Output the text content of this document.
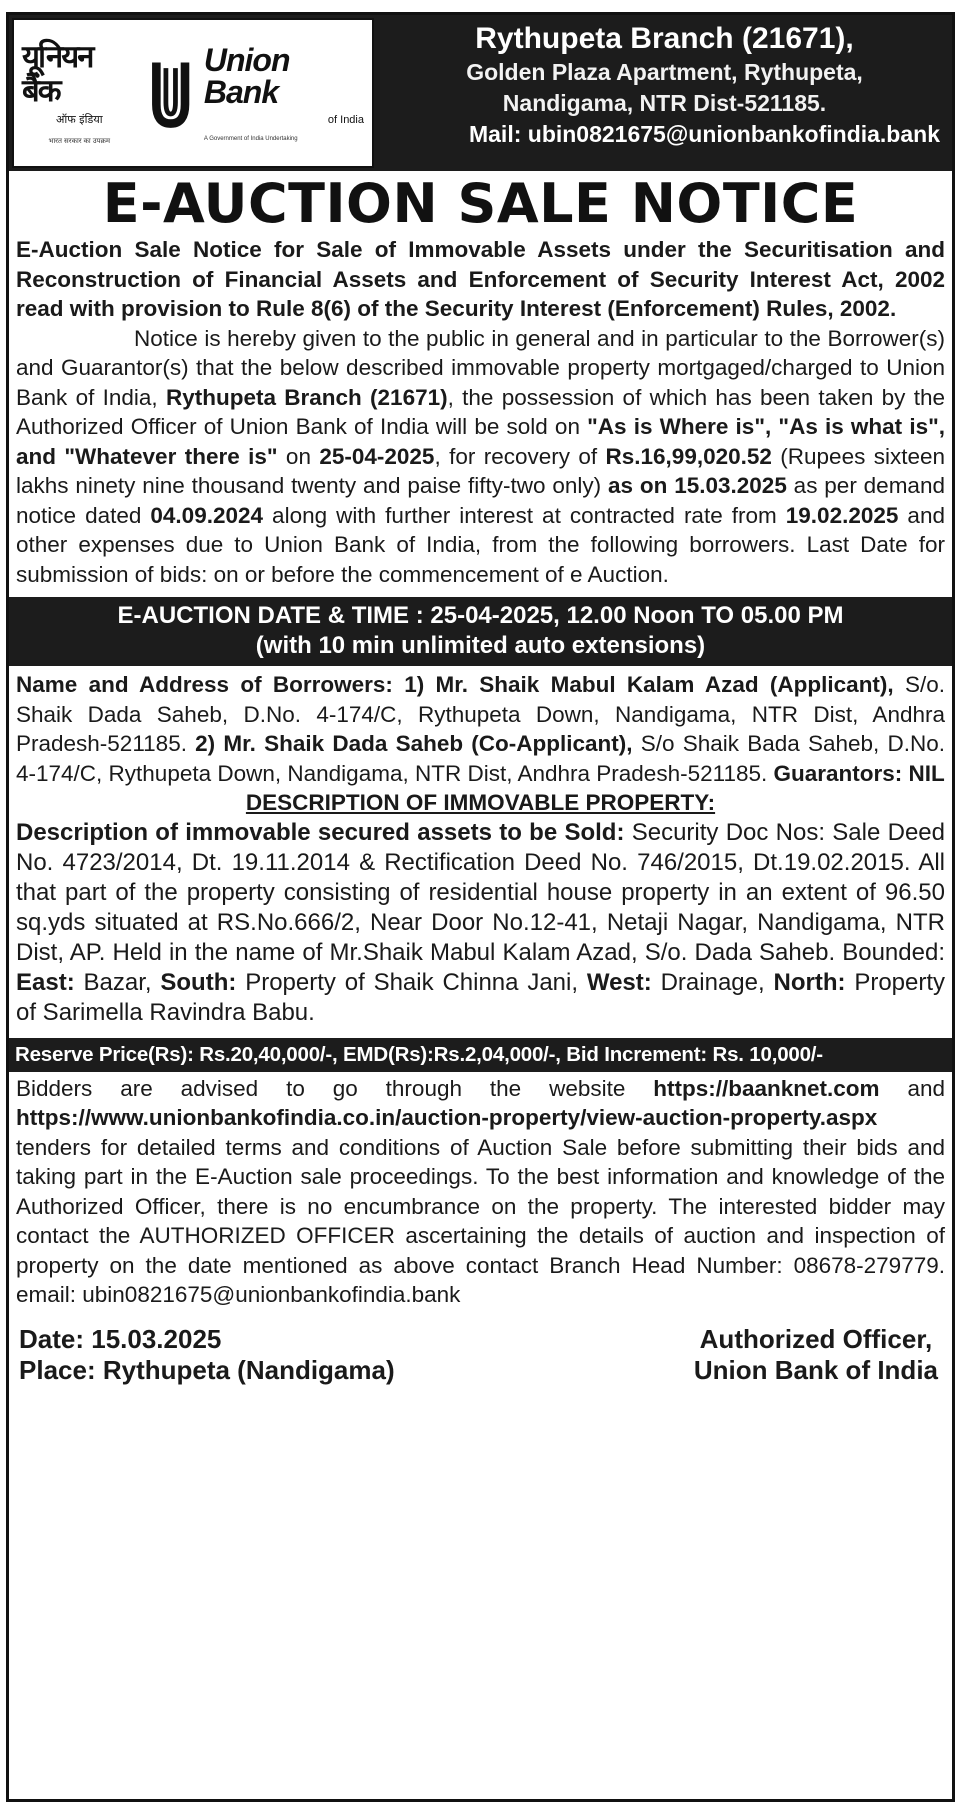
यूनियन बैंक
ऑफ इंडिया
भारत सरकार का उपक्रम
Union Bank
of India
A Government of India Undertaking
Rythupeta Branch (21671),
Golden Plaza Apartment, Rythupeta,
Nandigama, NTR Dist-521185.
Mail: ubin0821675@unionbankofindia.bank
E-AUCTION SALE NOTICE
E-Auction Sale Notice for Sale of Immovable Assets under the Securitisation and Reconstruction of Financial Assets and Enforcement of Security Interest Act, 2002 read with provision to Rule 8(6) of the Security Interest (Enforcement) Rules, 2002.
Notice is hereby given to the public in general and in particular to the Borrower(s) and Guarantor(s) that the below described immovable property mortgaged/charged to Union Bank of India, Rythupeta Branch (21671), the possession of which has been taken by the Authorized Officer of Union Bank of India will be sold on "As is Where is", "As is what is", and "Whatever there is" on 25-04-2025, for recovery of Rs.16,99,020.52 (Rupees sixteen lakhs ninety nine thousand twenty and paise fifty-two only) as on 15.03.2025 as per demand notice dated 04.09.2024 along with further interest at contracted rate from 19.02.2025 and other expenses due to Union Bank of India, from the following borrowers. Last Date for submission of bids: on or before the commencement of e Auction.
E-AUCTION DATE & TIME : 25-04-2025, 12.00 Noon TO 05.00 PM
(with 10 min unlimited auto extensions)
Name and Address of Borrowers: 1) Mr. Shaik Mabul Kalam Azad (Applicant), S/o. Shaik Dada Saheb, D.No. 4-174/C, Rythupeta Down, Nandigama, NTR Dist, Andhra Pradesh-521185. 2) Mr. Shaik Dada Saheb (Co-Applicant), S/o Shaik Bada Saheb, D.No. 4-174/C, Rythupeta Down, Nandigama, NTR Dist, Andhra Pradesh-521185. Guarantors: NIL
DESCRIPTION OF IMMOVABLE PROPERTY:
Description of immovable secured assets to be Sold: Security Doc Nos: Sale Deed No. 4723/2014, Dt. 19.11.2014 & Rectification Deed No. 746/2015, Dt.19.02.2015. All that part of the property consisting of residential house property in an extent of 96.50 sq.yds situated at RS.No.666/2, Near Door No.12-41, Netaji Nagar, Nandigama, NTR Dist, AP. Held in the name of Mr.Shaik Mabul Kalam Azad, S/o. Dada Saheb. Bounded: East: Bazar, South: Property of Shaik Chinna Jani, West: Drainage, North: Property of Sarimella Ravindra Babu.
Reserve Price(Rs): Rs.20,40,000/-, EMD(Rs):Rs.2,04,000/-, Bid Increment: Rs. 10,000/-
Bidders are advised to go through the website https://baanknet.com and https://www.unionbankofindia.co.in/auction-property/view-auction-property.aspx tenders for detailed terms and conditions of Auction Sale before submitting their bids and taking part in the E-Auction sale proceedings. To the best information and knowledge of the Authorized Officer, there is no encumbrance on the property. The interested bidder may contact the AUTHORIZED OFFICER ascertaining the details of auction and inspection of property on the date mentioned as above contact Branch Head Number: 08678-279779. email: ubin0821675@unionbankofindia.bank
Date: 15.03.2025
Place: Rythupeta (Nandigama)
Authorized Officer,
Union Bank of India
